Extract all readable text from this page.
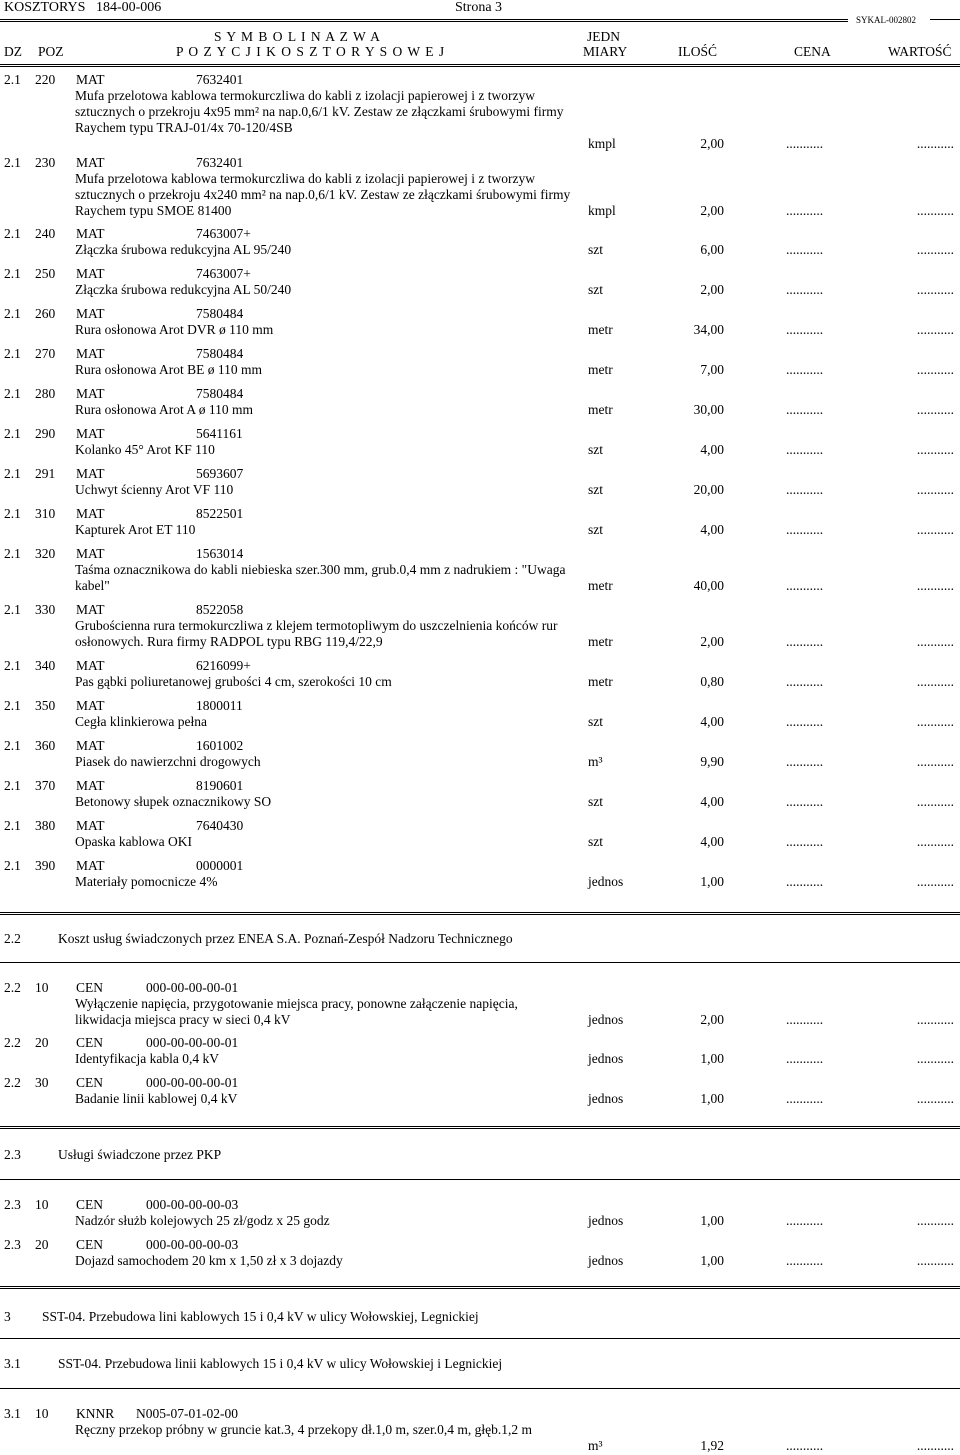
KOSZTORYS 184-00-006	Strona 3
SYKAL-002802
S Y M B O L I N A Z W A	JEDN
DZ POZ	P O Z Y C J I K O S Z T O R Y S O W E J	MIARY	ILOŚĆ	CENA	WARTOŚĆ
2.1 220 MAT	7632401
Mufa przelotowa kablowa termokurczliwa do kabli z izolacji papierowej i z tworzyw sztucznych o przekroju 4x95 mm² na nap.0,6/1 kV. Zestaw ze złączkami śrubowymi firmy Raychem typu TRAJ-01/4x 70-120/4SB
kmpl	2,00	...........	...........
2.1 230 MAT	7632401
Mufa przelotowa kablowa termokurczliwa do kabli z izolacji papierowej i z tworzyw sztucznych o przekroju 4x240 mm² na nap.0,6/1 kV. Zestaw ze złączkami śrubowymi firmy Raychem typu SMOE 81400	kmpl	2,00	...........	...........
2.1 240 MAT	7463007+
Złączka śrubowa redukcyjna AL 95/240	szt	6,00	...........	...........
2.1 250 MAT	7463007+
Złączka śrubowa redukcyjna AL 50/240	szt	2,00	...........	...........
2.1 260 MAT	7580484
Rura osłonowa Arot DVR ø 110 mm	metr	34,00	...........	...........
2.1 270 MAT	7580484
Rura osłonowa Arot BE ø 110 mm	metr	7,00	...........	...........
2.1 280 MAT	7580484
Rura osłonowa Arot A ø 110 mm	metr	30,00	...........	...........
2.1 290 MAT	5641161
Kolanko 45° Arot KF 110	szt	4,00	...........	...........
2.1 291 MAT	5693607
Uchwyt ścienny Arot VF 110	szt	20,00	...........	...........
2.1 310 MAT	8522501
Kapturek Arot ET 110	szt	4,00	...........	...........
2.1 320 MAT	1563014
Taśma oznacznikowa do kabli niebieska szer.300 mm, grub.0,4 mm z nadrukiem : "Uwaga kabel"	metr	40,00	...........	...........
2.1 330 MAT	8522058
Grubościenna rura termokurczliwa z klejem termotopliwym do uszczelnienia końców rur osłonowych. Rura firmy RADPOL typu RBG 119,4/22,9	metr	2,00	...........	...........
2.1 340 MAT	6216099+
Pas gąbki poliuretanowej grubości 4 cm, szerokości 10 cm	metr	0,80	...........	...........
2.1 350 MAT	1800011
Cegła klinkierowa pełna	szt	4,00	...........	...........
2.1 360 MAT	1601002
Piasek do nawierzchni drogowych	m³	9,90	...........	...........
2.1 370 MAT	8190601
Betonowy słupek oznacznikowy SO	szt	4,00	...........	...........
2.1 380 MAT	7640430
Opaska kablowa OKI	szt	4,00	...........	...........
2.1 390 MAT	0000001
Materiały pomocnicze 4%	jednos	1,00	...........	...........
2.2 10 CEN	000-00-00-00-01
Wyłączenie napięcia, przygotowanie miejsca pracy, ponowne załączenie napięcia, likwidacja miejsca pracy w sieci 0,4 kV	jednos	2,00	...........	...........
2.2 20 CEN	000-00-00-00-01
Identyfikacja kabla 0,4 kV	jednos	1,00	...........	...........
2.2 30 CEN	000-00-00-00-01
Badanie linii kablowej 0,4 kV	jednos	1,00	...........	...........
2.3 10 CEN	000-00-00-00-03
Nadzór służb kolejowych 25 zł/godz x 25 godz	jednos	1,00	...........	...........
2.3 20 CEN	000-00-00-00-03
Dojazd samochodem 20 km x 1,50 zł x 3 dojazdy	jednos	1,00	...........	...........
3.1 10 KNNR N005-07-01-02-00
Ręczny przekop próbny w gruncie kat.3, 4 przekopy dł.1,0 m, szer.0,4 m, głęb.1,2 m
m³	1,92	...........	...........
2.2	Koszt usług świadczonych przez ENEA S.A. Poznań-Zespół Nadzoru Technicznego
2.3	Usługi świadczone przez PKP
3 SST-04. Przebudowa lini kablowych 15 i 0,4 kV w ulicy Wołowskiej, Legnickiej
3.1	SST-04. Przebudowa linii kablowych 15 i 0,4 kV w ulicy Wołowskiej i Legnickiej
